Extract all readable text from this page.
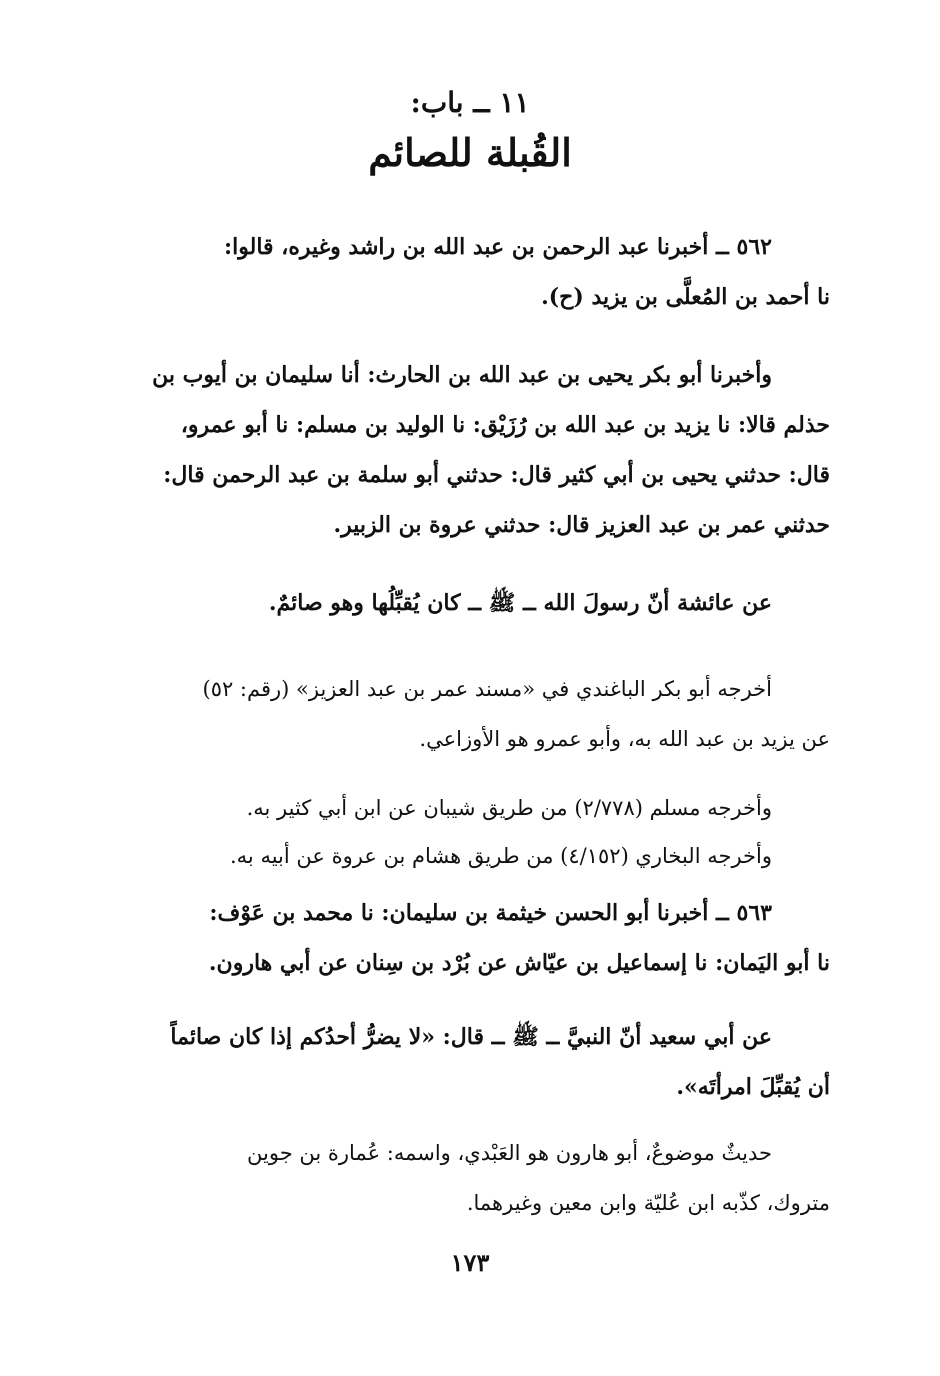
١١ ــ باب:
القُبلة للصائم
٥٦٢ ــ أخبرنا عبد الرحمن بن عبد الله بن راشد وغيره، قالوا:
نا أحمد بن المُعلَّى بن يزيد (ح).
وأخبرنا أبو بكر يحيى بن عبد الله بن الحارث: أنا سليمان بن أيوب بن
حذلم قالا: نا يزيد بن عبد الله بن رُزَيْق: نا الوليد بن مسلم: نا أبو عمرو،
قال: حدثني يحيى بن أبي كثير قال: حدثني أبو سلمة بن عبد الرحمن قال:
حدثني عمر بن عبد العزيز قال: حدثني عروة بن الزبير.
عن عائشة أنّ رسولَ الله ــ ﷺ ــ كان يُقبِّلُها وهو صائمٌ.
أخرجه أبو بكر الباغندي في «مسند عمر بن عبد العزيز» (رقم: ٥٢)
عن يزيد بن عبد الله به، وأبو عمرو هو الأوزاعي.
وأخرجه مسلم (٢/٧٧٨) من طريق شيبان عن ابن أبي كثير به.
وأخرجه البخاري (٤/١٥٢) من طريق هشام بن عروة عن أبيه به.
٥٦٣ ــ أخبرنا أبو الحسن خيثمة بن سليمان: نا محمد بن عَوْف:
نا أبو اليَمان: نا إسماعيل بن عيّاش عن بُرْد بن سِنان عن أبي هارون.
عن أبي سعيد أنّ النبيَّ ــ ﷺ ــ قال: «لا يضرُّ أحدُكم إذا كان صائماً
أن يُقبِّلَ امرأتَه».
حديثٌ موضوعٌ، أبو هارون هو العَبْدي، واسمه: عُمارة بن جوين
متروك، كذّبه ابن عُليّة وابن معين وغيرهما.
١٧٣
